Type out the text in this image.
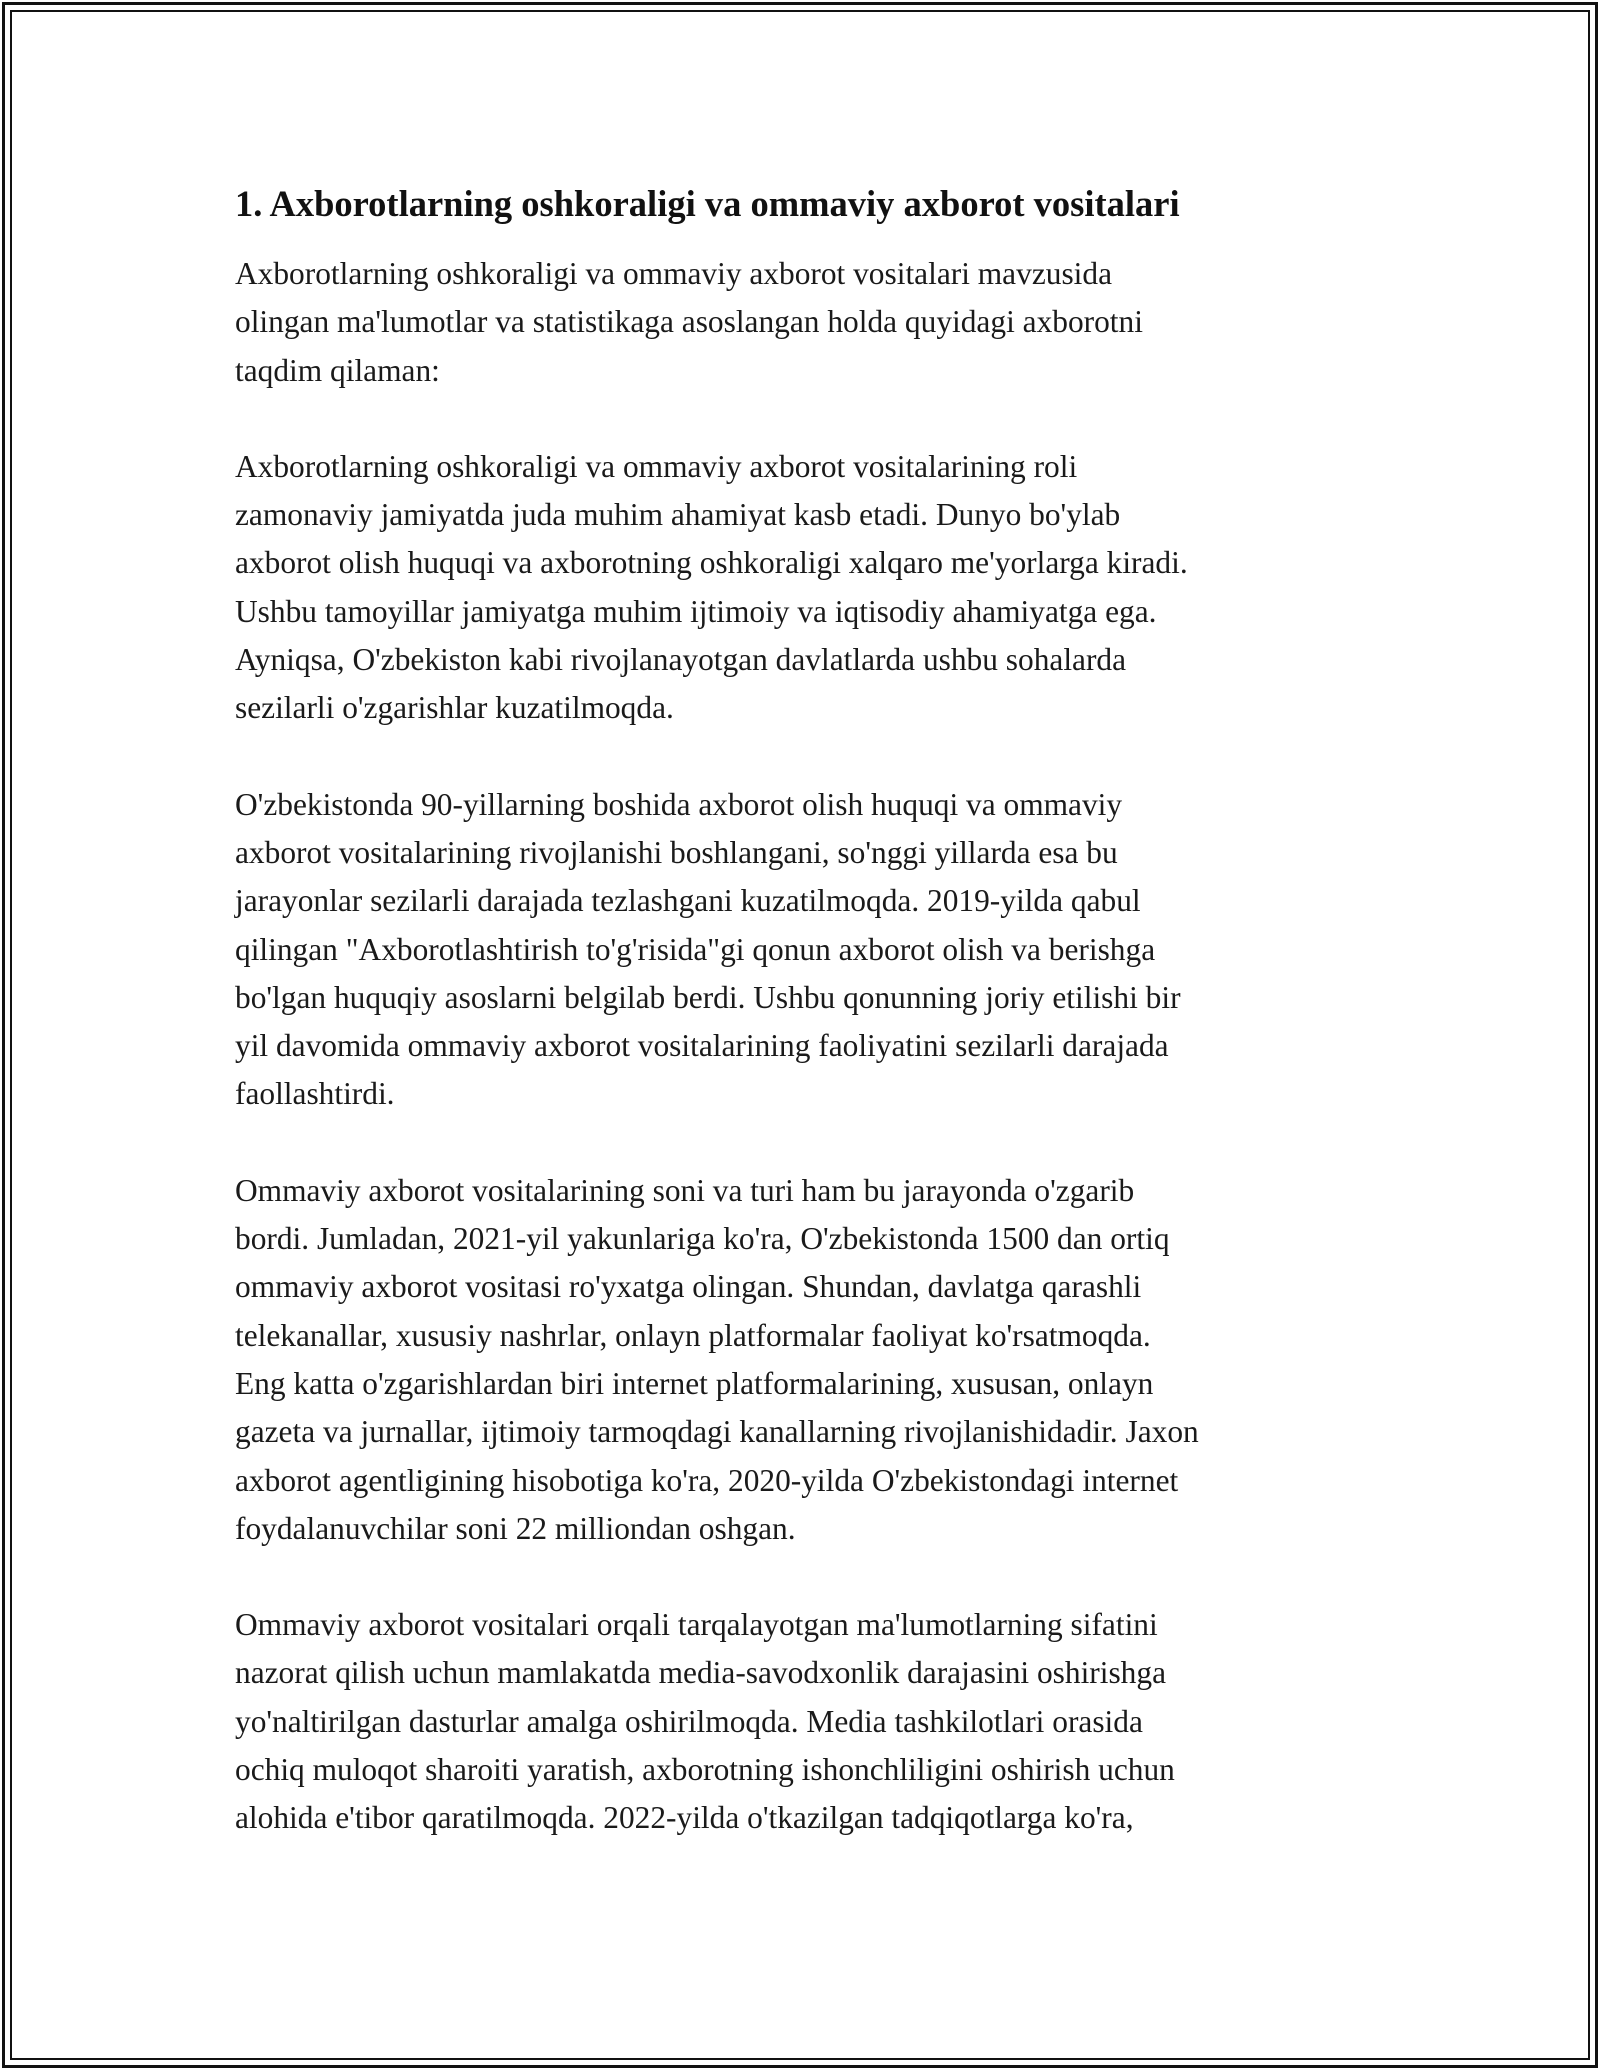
1. Axborotlarning oshkoraligi va ommaviy axborot vositalari

Axborotlarning oshkoraligi va ommaviy axborot vositalari mavzusida
olingan ma'lumotlar va statistikaga asoslangan holda quyidagi axborotni
taqdim qilaman:

Axborotlarning oshkoraligi va ommaviy axborot vositalarining roli
zamonaviy jamiyatda juda muhim ahamiyat kasb etadi. Dunyo bo'ylab
axborot olish huquqi va axborotning oshkoraligi xalqaro me'yorlarga kiradi.
Ushbu tamoyillar jamiyatga muhim ijtimoiy va iqtisodiy ahamiyatga ega.
Ayniqsa, O'zbekiston kabi rivojlanayotgan davlatlarda ushbu sohalarda
sezilarli o'zgarishlar kuzatilmoqda.

O'zbekistonda 90-yillarning boshida axborot olish huquqi va ommaviy
axborot vositalarining rivojlanishi boshlangani, so'nggi yillarda esa bu
jarayonlar sezilarli darajada tezlashgani kuzatilmoqda. 2019-yilda qabul
qilingan "Axborotlashtirish to'g'risida"gi qonun axborot olish va berishga
bo'lgan huquqiy asoslarni belgilab berdi. Ushbu qonunning joriy etilishi bir
yil davomida ommaviy axborot vositalarining faoliyatini sezilarli darajada
faollashtirdi.

Ommaviy axborot vositalarining soni va turi ham bu jarayonda o'zgarib
bordi. Jumladan, 2021-yil yakunlariga ko'ra, O'zbekistonda 1500 dan ortiq
ommaviy axborot vositasi ro'yxatga olingan. Shundan, davlatga qarashli
telekanallar, xususiy nashrlar, onlayn platformalar faoliyat ko'rsatmoqda.
Eng katta o'zgarishlardan biri internet platformalarining, xususan, onlayn
gazeta va jurnallar, ijtimoiy tarmoqdagi kanallarning rivojlanishidadir. Jaxon
axborot agentligining hisobotiga ko'ra, 2020-yilda O'zbekistondagi internet
foydalanuvchilar soni 22 milliondan oshgan.

Ommaviy axborot vositalari orqali tarqalayotgan ma'lumotlarning sifatini
nazorat qilish uchun mamlakatda media-savodxonlik darajasini oshirishga
yo'naltirilgan dasturlar amalga oshirilmoqda. Media tashkilotlari orasida
ochiq muloqot sharoiti yaratish, axborotning ishonchliligini oshirish uchun
alohida e'tibor qaratilmoqda. 2022-yilda o'tkazilgan tadqiqotlarga ko'ra,
